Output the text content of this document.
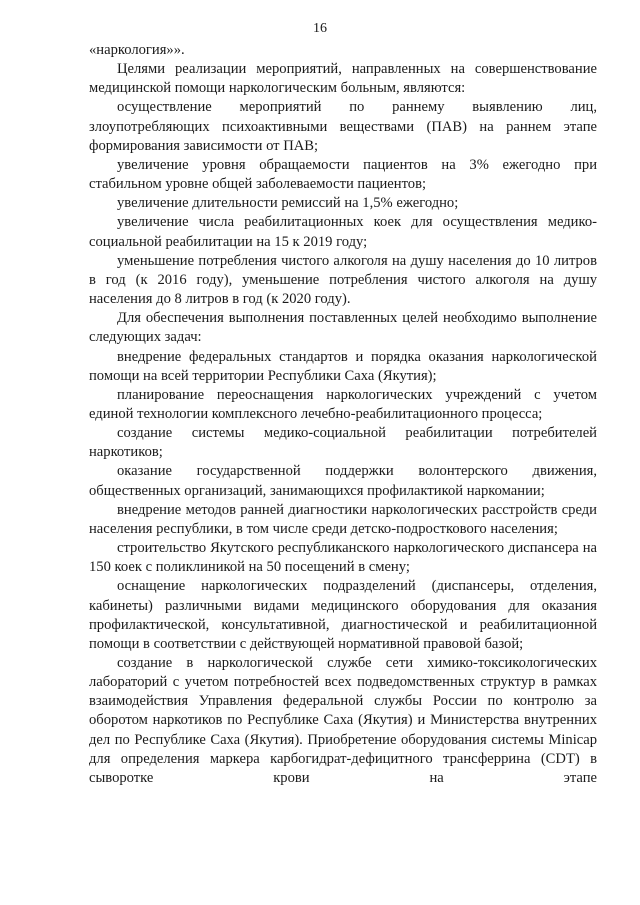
16

«наркология»».

Целями реализации мероприятий, направленных на совершенствование медицинской помощи наркологическим больным, являются:

осуществление мероприятий по раннему выявлению лиц, злоупотребляющих психоактивными веществами (ПАВ) на раннем этапе формирования зависимости от ПАВ;

увеличение уровня обращаемости пациентов на 3% ежегодно при стабильном уровне общей заболеваемости пациентов;

увеличение длительности ремиссий на 1,5% ежегодно;

увеличение числа реабилитационных коек для осуществления медико-социальной реабилитации на 15 к 2019 году;

уменьшение потребления чистого алкоголя на душу населения до 10 литров в год (к 2016 году), уменьшение потребления чистого алкоголя на душу населения до 8 литров в год (к 2020 году).

Для обеспечения выполнения поставленных целей необходимо выполнение следующих задач:

внедрение федеральных стандартов и порядка оказания наркологической помощи на всей территории Республики Саха (Якутия);

планирование переоснащения наркологических учреждений с учетом единой технологии комплексного лечебно-реабилитационного процесса;

создание системы медико-социальной реабилитации потребителей наркотиков;

оказание государственной поддержки волонтерского движения, общественных организаций, занимающихся профилактикой наркомании;

внедрение методов ранней диагностики наркологических расстройств среди населения республики, в том числе среди детско-подросткового населения;

строительство Якутского республиканского наркологического диспансера на 150 коек с поликлиникой на 50 посещений в смену;

оснащение наркологических подразделений (диспансеры, отделения, кабинеты) различными видами медицинского оборудования для оказания профилактической, консультативной, диагностической и реабилитационной помощи в соответствии с действующей нормативной правовой базой;

создание в наркологической службе сети химико-токсикологических лабораторий с учетом потребностей всех подведомственных структур в рамках взаимодействия Управления федеральной службы России по контролю за оборотом наркотиков по Республике Саха (Якутия) и Министерства внутренних дел по Республике Саха (Якутия). Приобретение оборудования системы Minicap для определения маркера карбогидрат-дефицитного трансферрина (CDT) в сыворотке крови на этапе
